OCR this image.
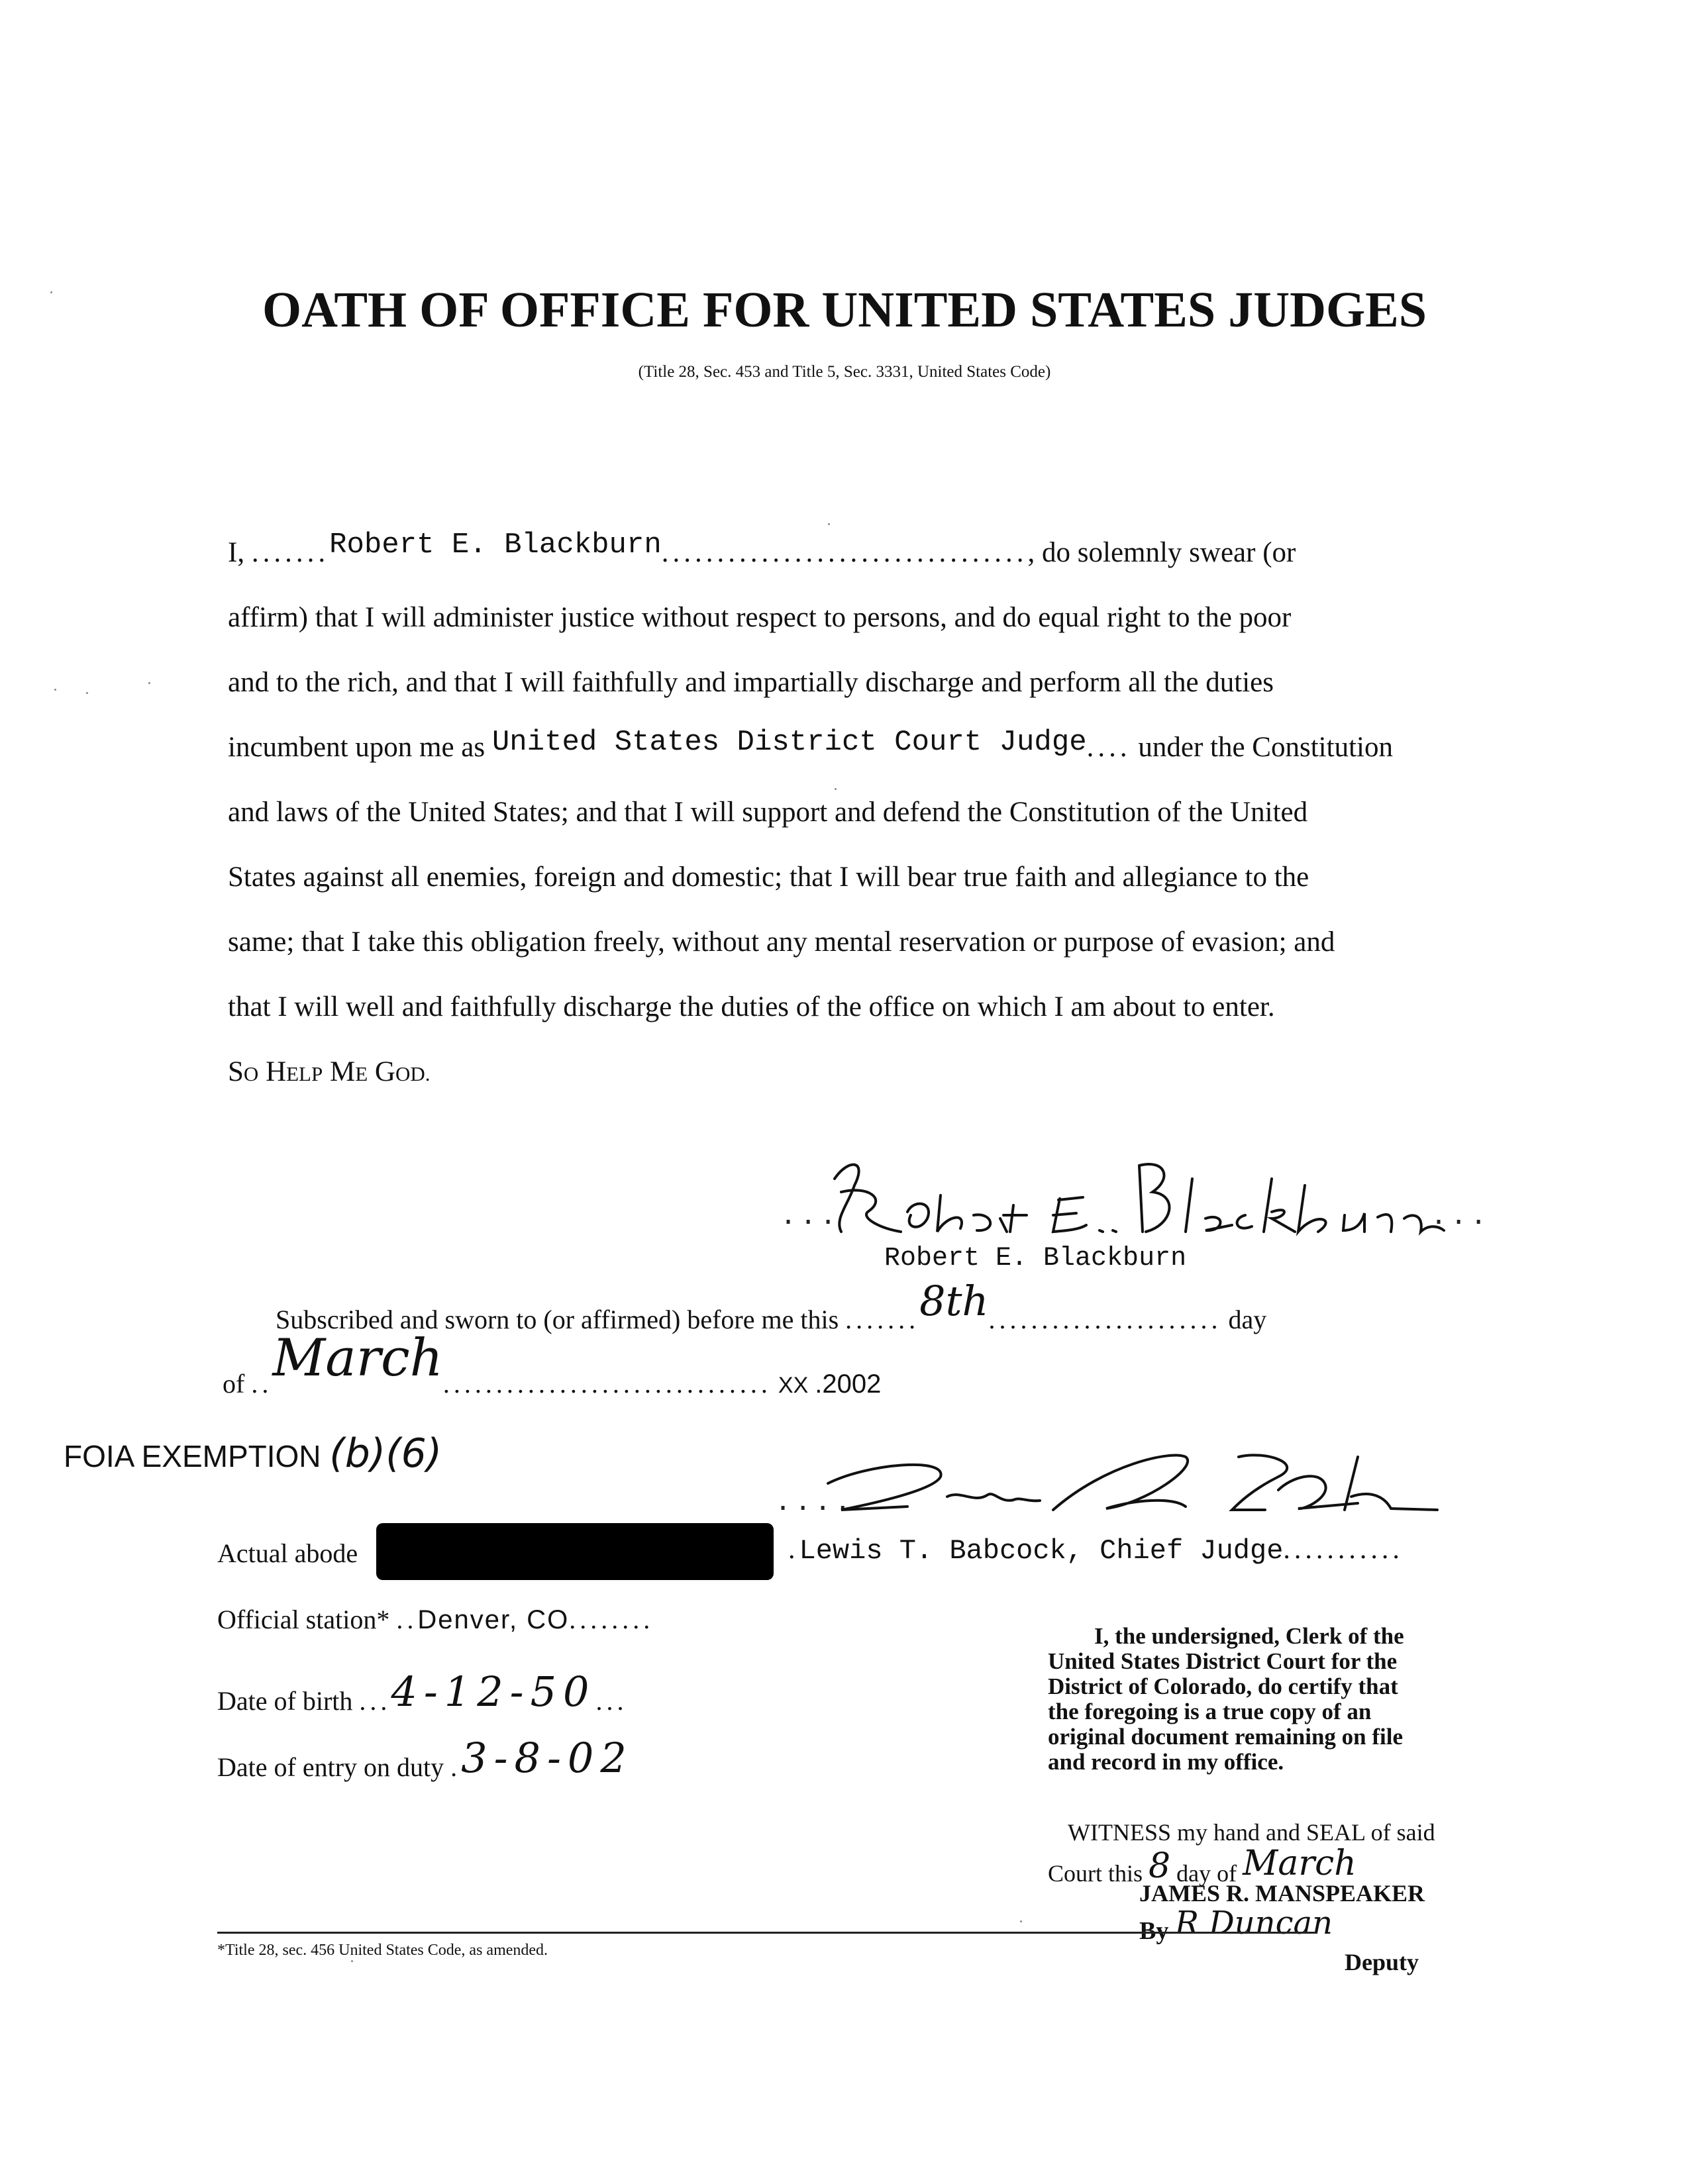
OATH OF OFFICE FOR UNITED STATES JUDGES
(Title 28, Sec. 453 and Title 5, Sec. 3331, United States Code)
I, .......Robert E. Blackburn................................., do solemnly swear (or
affirm) that I will administer justice without respect to persons, and do equal right to the poor
and to the rich, and that I will faithfully and impartially discharge and perform all the duties
incumbent upon me as United States District Court Judge.... under the Constitution
and laws of the United States; and that I will support and defend the Constitution of the United
States against all enemies, foreign and domestic; that I will bear true faith and allegiance to the
same; that I take this obligation freely, without any mental reservation or purpose of evasion; and
that I will well and faithfully discharge the duties of the office on which I am about to enter.
SO HELP ME GOD.
...	...
Robert E. Blackburn
Subscribed and sworn to (or affirmed) before me this .......8th...................... day
of ..March............................... XX .2002
FOIA EXEMPTION (b)(6)
....
Actual abode	.Lewis T. Babcock, Chief Judge...........
Official station* ..Denver, CO........
Date of birth ...4-12-50...
Date of entry on duty .3-8-02
I, the undersigned, Clerk of the
United States District Court for the
District of Colorado, do certify that
the foregoing is a true copy of an
original document remaining on file
and record in my office.
WITNESS my hand and SEAL of said
Court this 8 day of March
JAMES R. MANSPEAKER
By R Duncan
Deputy
*Title 28, sec. 456 United States Code, as amended.
